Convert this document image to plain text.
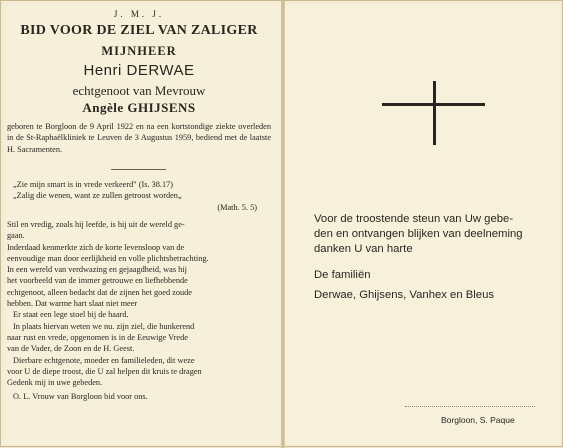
J. M. J.
BID VOOR DE ZIEL VAN ZALIGER
MIJNHEER
Henri DERWAE
echtgenoot van Mevrouw
Angèle GHIJSENS
geboren te Borgloon de 9 April 1922 en na een kortstondige ziekte overleden in de St-Raphaëlkliniek te Leuven de 3 Augustus 1959, bediend met de laatste H. Sacramenten.
„Zie mijn smart is in vrede verkeerd" (Is. 38.17)
„Zalig die wenen, want ze zullen getroost worden„
(Math. 5. 5)
Stil en vredig, zoals hij leefde, is hij uit de wereld ge-
gaan.
Inderdaad kenmerkte zich de korte levensloop van de
eenvoudige man door eerlijkheid en volle plichtsbetrachting.
In een wereld van verdwazing en gejaagdheid, was hij
het voorbeeld van de immer getrouwe en liefhebbende
echtgenoot, alleen bedacht dat de zijnen het goed zoude
hebben. Dat warme hart slaat niet meer
Er staat een lege stoel bij de haard.
In plaats hiervan weten we nu. zijn ziel, die hunkerend
naar rust en vrede, opgenomen is in de Eeuwige Vrede
van de Vader, de Zoon en de H. Geest.
Dierbare echtgenote, moeder en familieleden, dit weze
voor U de diepe troost, die U zal helpen dit kruis te dragen
Gedenk mij in uwe gebeden.
O. L. Vrouw van Borgloon bid voor ons.
Voor de troostende steun van Uw gebe-
den en ontvangen blijken van deelneming
danken U van harte
De familiën
Derwae, Ghijsens, Vanhex en Bleus
Borgloon, S. Paque
